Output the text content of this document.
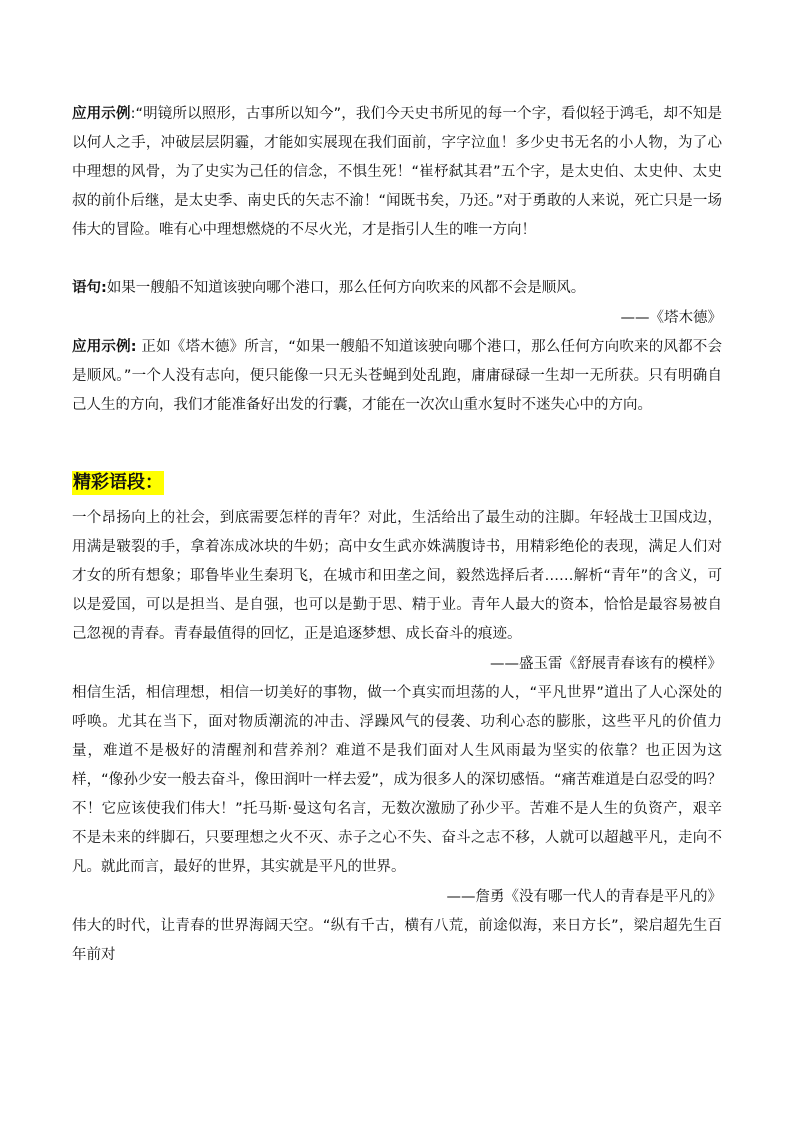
应用示例:“明镜所以照形，古事所以知今”，我们今天史书所见的每一个字，看似轻于鸿毛，却不知是以何人之手，冲破层层阴霾，才能如实展现在我们面前，字字泣血！多少史书无名的小人物，为了心中理想的风骨，为了史实为己任的信念，不惧生死！“崔杼弑其君”五个字，是太史伯、太史仲、太史叔的前仆后继，是太史季、南史氏的矢志不渝！“闻既书矣，乃还。”对于勇敢的人来说，死亡只是一场伟大的冒险。唯有心中理想燃烧的不尽火光，才是指引人生的唯一方向！

语句:如果一艘船不知道该驶向哪个港口，那么任何方向吹来的风都不会是顺风。

——《塔木德》

应用示例: 正如《塔木德》所言，“如果一艘船不知道该驶向哪个港口，那么任何方向吹来的风都不会是顺风。”一个人没有志向，便只能像一只无头苍蝇到处乱跑，庸庸碌碌一生却一无所获。只有明确自己人生的方向，我们才能准备好出发的行囊，才能在一次次山重水复时不迷失心中的方向。

精彩语段：

一个昂扬向上的社会，到底需要怎样的青年？对此，生活给出了最生动的注脚。年轻战士卫国戍边，用满是皲裂的手，拿着冻成冰块的牛奶；高中女生武亦姝满腹诗书，用精彩绝伦的表现，满足人们对才女的所有想象；耶鲁毕业生秦玥飞，在城市和田垄之间，毅然选择后者……解析“青年”的含义，可以是爱国，可以是担当、是自强，也可以是勤于思、精于业。青年人最大的资本，恰恰是最容易被自己忽视的青春。青春最值得的回忆，正是追逐梦想、成长奋斗的痕迹。

——盛玉雷《舒展青春该有的模样》

相信生活，相信理想，相信一切美好的事物，做一个真实而坦荡的人，“平凡世界”道出了人心深处的呼唤。尤其在当下，面对物质潮流的冲击、浮躁风气的侵袭、功利心态的膨胀，这些平凡的价值力量，难道不是极好的清醒剂和营养剂？难道不是我们面对人生风雨最为坚实的依靠？也正因为这样，“像孙少安一般去奋斗，像田润叶一样去爱”，成为很多人的深切感悟。“痛苦难道是白忍受的吗？不！它应该使我们伟大！”托马斯·曼这句名言，无数次激励了孙少平。苦难不是人生的负资产，艰辛不是未来的绊脚石，只要理想之火不灭、赤子之心不失、奋斗之志不移，人就可以超越平凡，走向不凡。就此而言，最好的世界，其实就是平凡的世界。

——詹勇《没有哪一代人的青春是平凡的》

伟大的时代，让青春的世界海阔天空。“纵有千古，横有八荒，前途似海，来日方长”，梁启超先生百年前对
